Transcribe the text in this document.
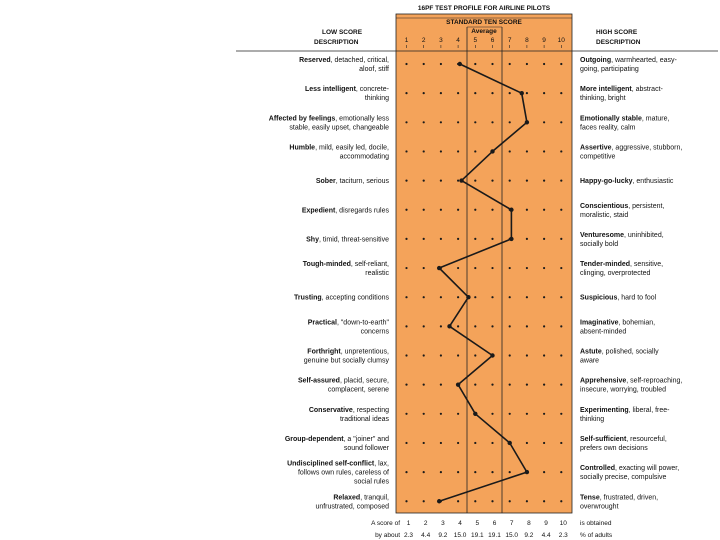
16PF TEST PROFILE FOR AIRLINE PILOTS
STANDARD TEN SCORE
Average
1 2 3 4 5 6 7 8 9 10
LOW SCORE
DESCRIPTION
HIGH SCORE
DESCRIPTION
Reserved, detached, critical,
aloof, stiff
Outgoing, warmhearted, easy-
going, participating
Less intelligent, concrete-
thinking
More intelligent, abstract-
thinking, bright
Affected by feelings, emotionally less
stable, easily upset, changeable
Emotionally stable, mature,
faces reality, calm
Humble, mild, easily led, docile,
accommodating
Assertive, aggressive, stubborn,
competitive
Sober, taciturn, serious	Happy-go-lucky, enthusiastic
Expedient, disregards rules
Conscientious, persistent,
moralistic, staid
Shy, timid, threat-sensitive
Venturesome, uninhibited,
socially bold
Tough-minded, self-reliant,
realistic
Tender-minded, sensitive,
clinging, overprotected
Trusting, accepting conditions	Suspicious, hard to fool
Practical, "down-to-earth"
concerns
Imaginative, bohemian,
absent-minded
Forthright, unpretentious,
genuine but socially clumsy
Astute, polished, socially
aware
Self-assured, placid, secure,
complacent, serene
Apprehensive, self-reproaching,
insecure, worrying, troubled
Conservative, respecting
traditional ideas
Experimenting, liberal, free-
thinking
Group-dependent, a "joiner" and
sound follower
Self-sufficient, resourceful,
prefers own decisions
Undisciplined self-conflict, lax,
follows own rules, careless of
social rules
Controlled, exacting will power,
socially precise, compulsive
Relaxed, tranquil,
unfrustrated, composed
Tense, frustrated, driven,
overwrought
A score of
by about
1 2 3 4 5 6 7 8 9 10
2.3 4.4 9.2 15.0 19.1 19.1 15.0 9.2 4.4 2.3
is obtained
% of adults
